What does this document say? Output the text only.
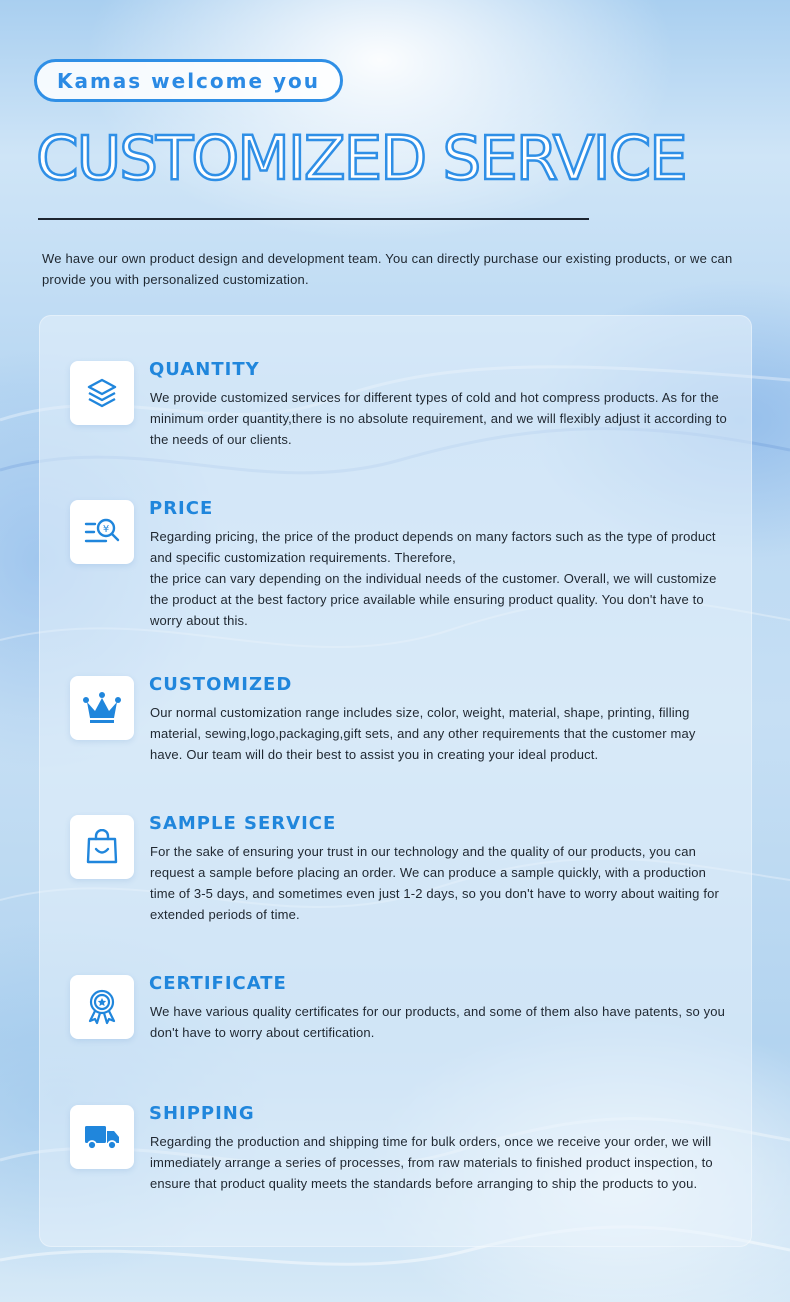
Kamas welcome you
CUSTOMIZED SERVICE

We have our own product design and development team. You can directly purchase our existing products, or we can provide you with personalized customization.

QUANTITY
We provide customized services for different types of cold and hot compress products. As for the minimum order quantity,there is no absolute requirement, and we will flexibly adjust it according to the needs of our clients.
¥
PRICE
Regarding pricing, the price of the product depends on many factors such as the type of product and specific customization requirements. Therefore,
the price can vary depending on the individual needs of the customer. Overall, we will customize the product at the best factory price available while ensuring product quality. You don't have to worry about this.
CUSTOMIZED
Our normal customization range includes size, color, weight, material, shape, printing, filling material, sewing,logo,packaging,gift sets, and any other requirements that the customer may have. Our team will do their best to assist you in creating your ideal product.
SAMPLE SERVICE
For the sake of ensuring your trust in our technology and the quality of our products, you can request a sample before placing an order. We can produce a sample quickly, with a production time of 3-5 days, and sometimes even just 1-2 days, so you don't have to worry about waiting for extended periods of time.
CERTIFICATE
We have various quality certificates for our products, and some of them also have patents, so you don't have to worry about certification.
SHIPPING
Regarding the production and shipping time for bulk orders, once we receive your order, we will immediately arrange a series of processes, from raw materials to finished product inspection, to ensure that product quality meets the standards before arranging to ship the products to you.
